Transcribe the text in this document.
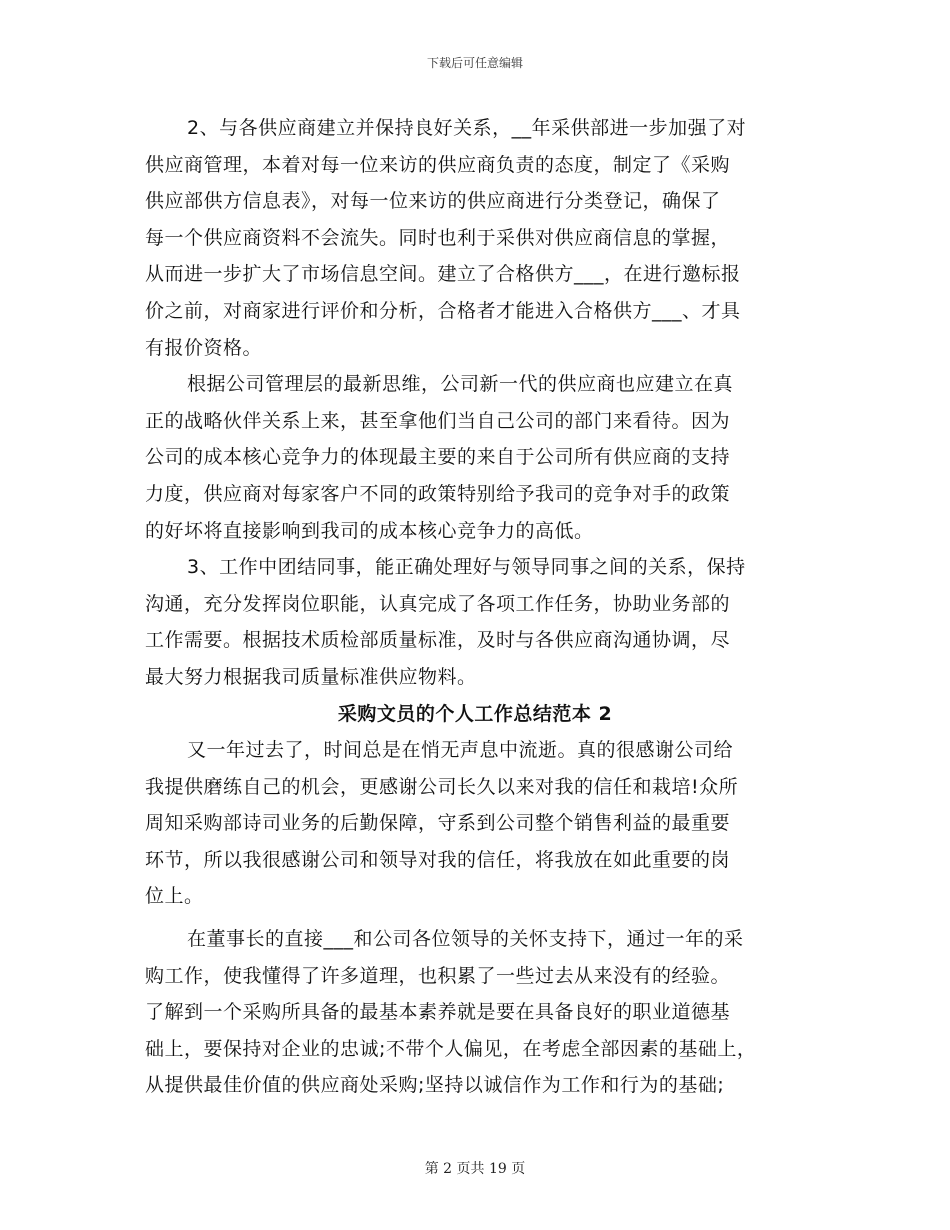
下载后可任意编辑
2、与各供应商建立并保持良好关系，__年采供部进一步加强了对
供应商管理，本着对每一位来访的供应商负责的态度，制定了《采购
供应部供方信息表》，对每一位来访的供应商进行分类登记，确保了
每一个供应商资料不会流失。同时也利于采供对供应商信息的掌握，
从而进一步扩大了市场信息空间。建立了合格供方___，在进行邀标报
价之前，对商家进行评价和分析，合格者才能进入合格供方___、才具
有报价资格。
根据公司管理层的最新思维，公司新一代的供应商也应建立在真
正的战略伙伴关系上来，甚至拿他们当自己公司的部门来看待。因为
公司的成本核心竞争力的体现最主要的来自于公司所有供应商的支持
力度，供应商对每家客户不同的政策特别给予我司的竞争对手的政策
的好坏将直接影响到我司的成本核心竞争力的高低。
3、工作中团结同事，能正确处理好与领导同事之间的关系，保持
沟通，充分发挥岗位职能，认真完成了各项工作任务，协助业务部的
工作需要。根据技术质检部质量标准，及时与各供应商沟通协调，尽
最大努力根据我司质量标准供应物料。
采购文员的个人工作总结范本 2
又一年过去了，时间总是在悄无声息中流逝。真的很感谢公司给
我提供磨练自己的机会，更感谢公司长久以来对我的信任和栽培!众所
周知采购部诗司业务的后勤保障，守系到公司整个销售利益的最重要
环节，所以我很感谢公司和领导对我的信任，将我放在如此重要的岗
位上。
在董事长的直接___和公司各位领导的关怀支持下，通过一年的采
购工作，使我懂得了许多道理，也积累了一些过去从来没有的经验。
了解到一个采购所具备的最基本素养就是要在具备良好的职业道德基
础上，要保持对企业的忠诚;不带个人偏见，在考虑全部因素的基础上，
从提供最佳价值的供应商处采购;坚持以诚信作为工作和行为的基础;
第 2 页共 19 页
